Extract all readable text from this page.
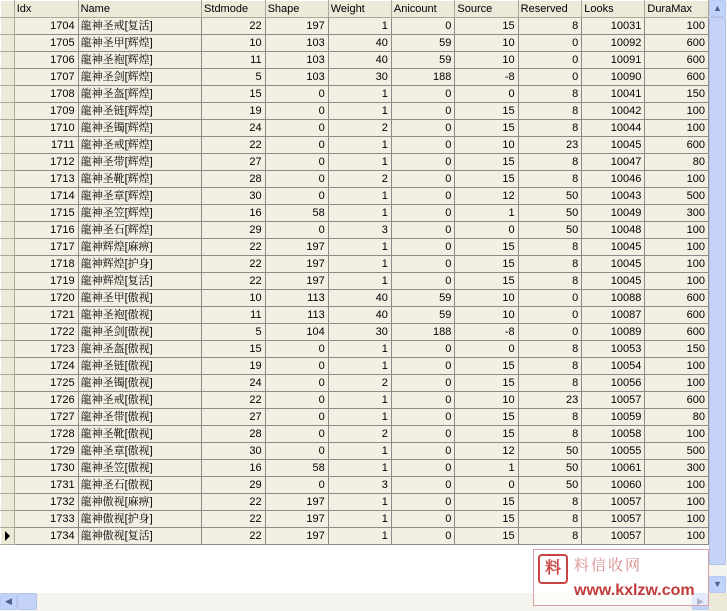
	Idx	Name	Stdmode	Shape	Weight	Anicount	Source	Reserved	Looks	DuraMax
	1704	龍神圣戒[复活]	22	197	1	0	15	8	10031	100
	1705	龍神圣甲[辉煌]	10	103	40	59	10	0	10092	600
	1706	龍神圣袍[辉煌]	11	103	40	59	10	0	10091	600
	1707	龍神圣剑[辉煌]	5	103	30	188	-8	0	10090	600
	1708	龍神圣盔[辉煌]	15	0	1	0	0	8	10041	150
	1709	龍神圣链[辉煌]	19	0	1	0	15	8	10042	100
	1710	龍神圣镯[辉煌]	24	0	2	0	15	8	10044	100
	1711	龍神圣戒[辉煌]	22	0	1	0	10	23	10045	600
	1712	龍神圣带[辉煌]	27	0	1	0	15	8	10047	80
	1713	龍神圣靴[辉煌]	28	0	2	0	15	8	10046	100
	1714	龍神圣章[辉煌]	30	0	1	0	12	50	10043	500
	1715	龍神圣笠[辉煌]	16	58	1	0	1	50	10049	300
	1716	龍神圣石[辉煌]	29	0	3	0	0	50	10048	100
	1717	龍神辉煌[麻痹]	22	197	1	0	15	8	10045	100
	1718	龍神辉煌[护身]	22	197	1	0	15	8	10045	100
	1719	龍神辉煌[复活]	22	197	1	0	15	8	10045	100
	1720	龍神圣甲[傲视]	10	113	40	59	10	0	10088	600
	1721	龍神圣袍[傲视]	11	113	40	59	10	0	10087	600
	1722	龍神圣剑[傲视]	5	104	30	188	-8	0	10089	600
	1723	龍神圣盔[傲视]	15	0	1	0	0	8	10053	150
	1724	龍神圣链[傲视]	19	0	1	0	15	8	10054	100
	1725	龍神圣镯[傲视]	24	0	2	0	15	8	10056	100
	1726	龍神圣戒[傲视]	22	0	1	0	10	23	10057	600
	1727	龍神圣带[傲视]	27	0	1	0	15	8	10059	80
	1728	龍神圣靴[傲视]	28	0	2	0	15	8	10058	100
	1729	龍神圣章[傲视]	30	0	1	0	12	50	10055	500
	1730	龍神圣笠[傲视]	16	58	1	0	1	50	10061	300
	1731	龍神圣石[傲视]	29	0	3	0	0	50	10060	100
	1732	龍神傲视[麻痹]	22	197	1	0	15	8	10057	100
	1733	龍神傲视[护身]	22	197	1	0	15	8	10057	100
	1734	龍神傲视[复活]	22	197	1	0	15	8	10057	100
▲
▼
◀
料 料信收网
www.kxlzw.com
